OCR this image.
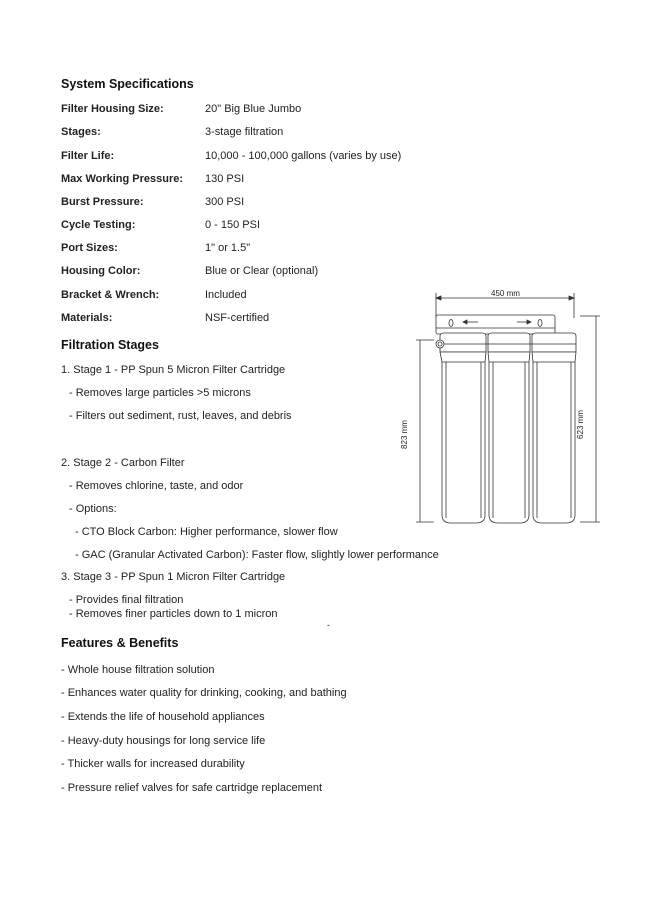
System Specifications
Filter Housing Size:	20" Big Blue Jumbo
Stages:	3-stage filtration
Filter Life:	10,000 - 100,000 gallons (varies by use)
Max Working Pressure: 130 PSI
Burst Pressure:	300 PSI
Cycle Testing:	0 - 150 PSI
Port Sizes:	1" or 1.5"
Housing Color:	Blue or Clear (optional)
Bracket & Wrench:	Included
Materials:	NSF-certified
Filtration Stages
1. Stage 1 - PP Spun 5 Micron Filter Cartridge
- Removes large particles >5 microns
- Filters out sediment, rust, leaves, and debris
2. Stage 2 - Carbon Filter
- Removes chlorine, taste, and odor
- Options:
- CTO Block Carbon: Higher performance, slower flow
- GAC (Granular Activated Carbon): Faster flow, slightly lower performance
3. Stage 3 - PP Spun 1 Micron Filter Cartridge
- Provides final filtration
- Removes finer particles down to 1 micron
Features & Benefits
- Whole house filtration solution
- Enhances water quality for drinking, cooking, and bathing
- Extends the life of household appliances
- Heavy-duty housings for long service life
- Thicker walls for increased durability
- Pressure relief valves for safe cartridge replacement
-
450 mm
823 mm	623 mm
